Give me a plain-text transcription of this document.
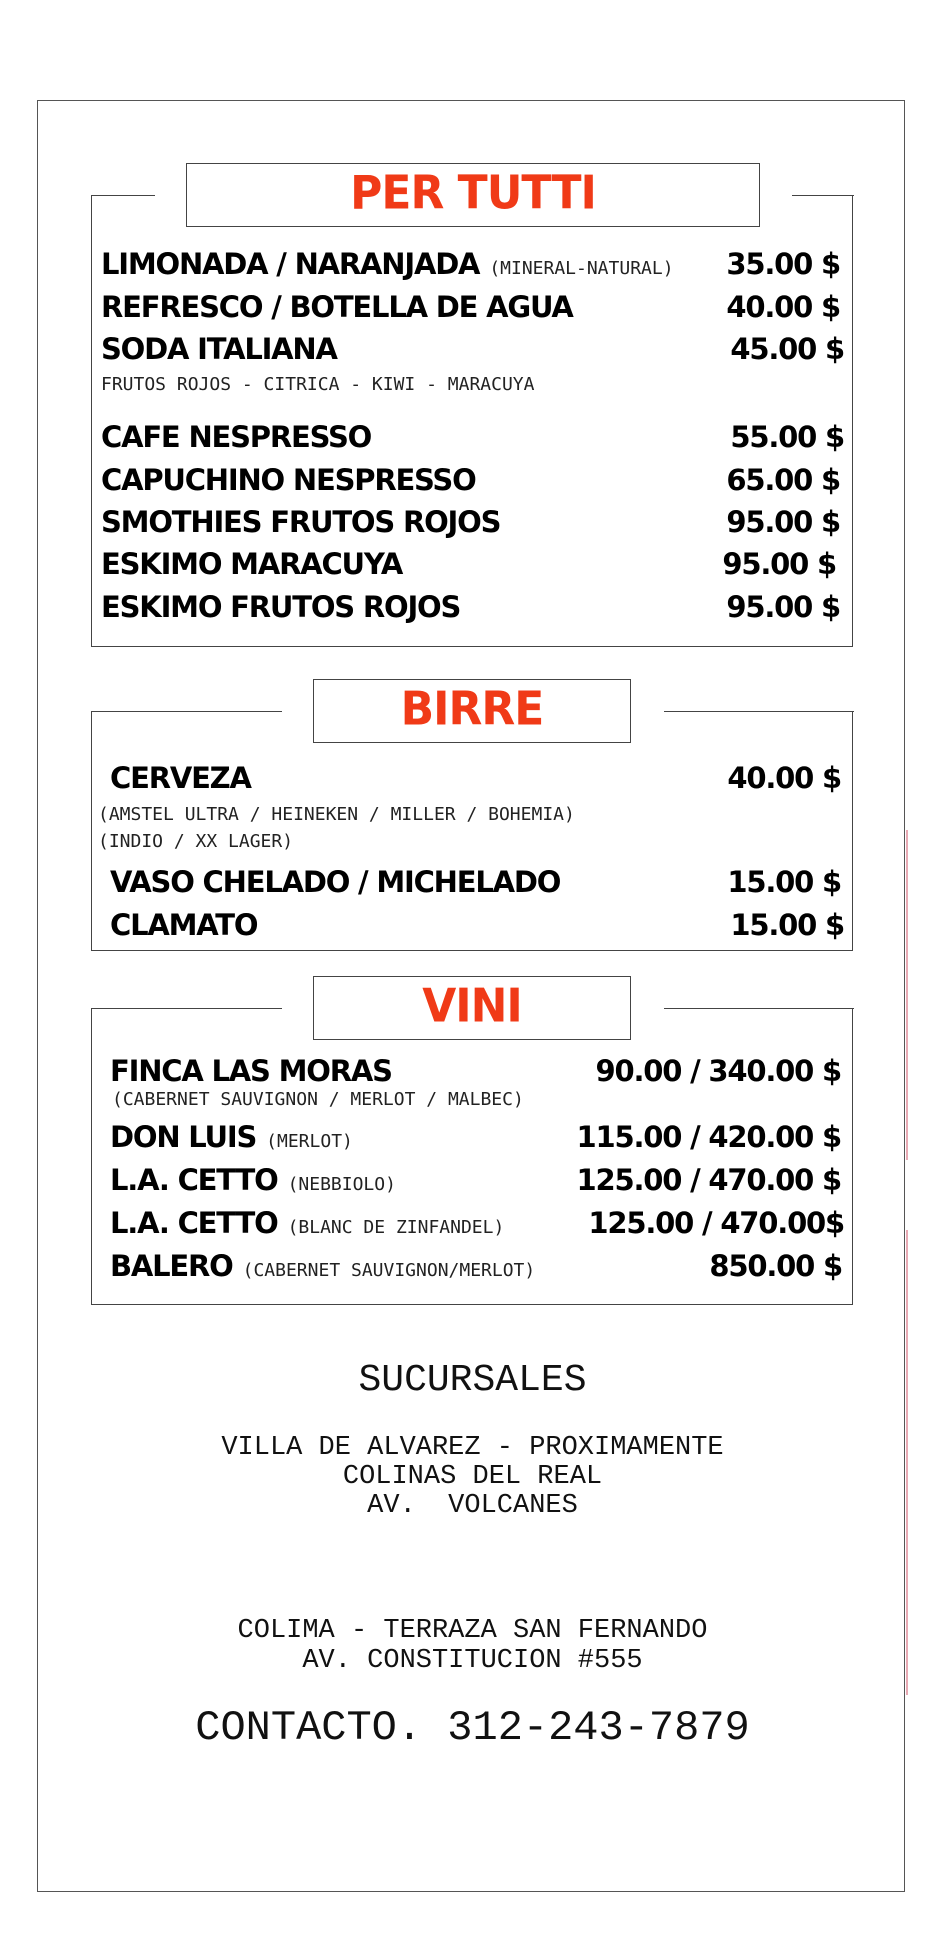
PER TUTTI
LIMONADA / NARANJADA (MINERAL-NATURAL) 35.00 $
REFRESCO / BOTELLA DE AGUA	40.00 $
SODA ITALIANA	45.00 $
FRUTOS ROJOS - CITRICA - KIWI - MARACUYA
CAFE NESPRESSO	55.00 $
CAPUCHINO NESPRESSO	65.00 $
SMOTHIES FRUTOS ROJOS	95.00 $
ESKIMO MARACUYA	95.00 $
ESKIMO FRUTOS ROJOS	95.00 $
BIRRE
CERVEZA	40.00 $
(AMSTEL ULTRA / HEINEKEN / MILLER / BOHEMIA)
(INDIO / XX LAGER)
VASO CHELADO / MICHELADO	15.00 $
CLAMATO	15.00 $
VINI
FINCA LAS MORAS	90.00 / 340.00 $
(CABERNET SAUVIGNON / MERLOT / MALBEC)
DON LUIS (MERLOT)	115.00 / 420.00 $
L.A. CETTO (NEBBIOLO)	125.00 / 470.00 $
L.A. CETTO (BLANC DE ZINFANDEL)	125.00 / 470.00$
BALERO (CABERNET SAUVIGNON/MERLOT)	850.00 $
SUCURSALES
VILLA DE ALVAREZ - PROXIMAMENTE
COLINAS DEL REAL
AV.  VOLCANES
COLIMA - TERRAZA SAN FERNANDO
AV. CONSTITUCION #555
CONTACTO. 312-243-7879
